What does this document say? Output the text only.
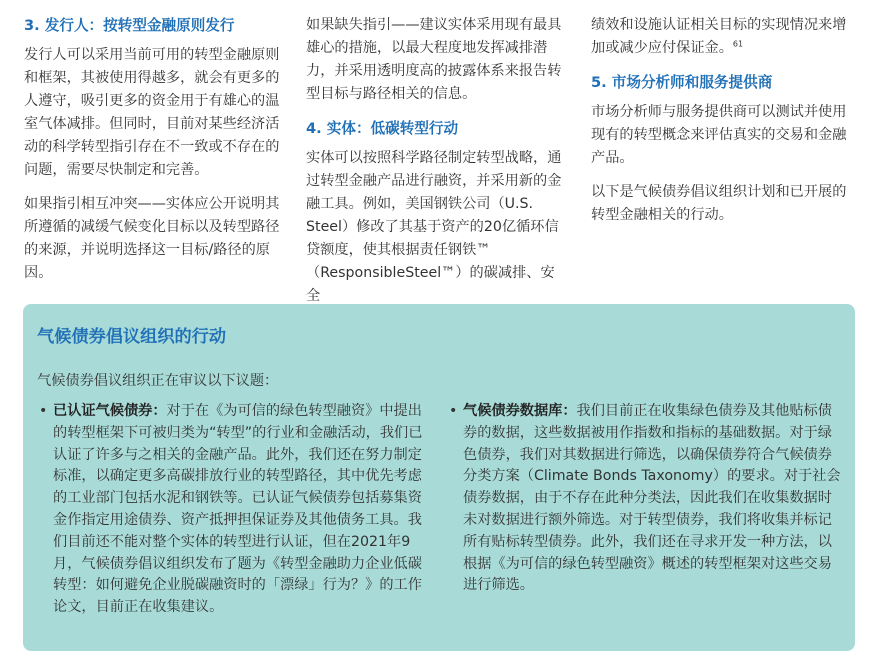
3. 发行人：按转型金融原则发行

发行人可以采用当前可用的转型金融原则和框架，其被使用得越多，就会有更多的人遵守，吸引更多的资金用于有雄心的温室气体减排。但同时，目前对某些经济活动的科学转型指引存在不一致或不存在的问题，需要尽快制定和完善。

如果指引相互冲突——实体应公开说明其所遵循的减缓气候变化目标以及转型路径的来源，并说明选择这一目标/路径的原因。

如果缺失指引——建议实体采用现有最具雄心的措施，以最大程度地发挥减排潜力，并采用透明度高的披露体系来报告转型目标与路径相关的信息。

4. 实体：低碳转型行动

实体可以按照科学路径制定转型战略，通过转型金融产品进行融资，并采用新的金融工具。例如，美国钢铁公司（U.S. Steel）修改了其基于资产的20亿循环信贷额度，使其根据责任钢铁™（ResponsibleSteel™）的碳减排、安全

绩效和设施认证相关目标的实现情况来增加或减少应付保证金。$^{61}$

5. 市场分析师和服务提供商

市场分析师与服务提供商可以测试并使用现有的转型概念来评估真实的交易和金融产品。

以下是气候债券倡议组织计划和已开展的转型金融相关的行动。

气候债券倡议组织的行动
气候债券倡议组织正在审议以下议题：
• 已认证气候债券：对于在《为可信的绿色转型融资》中提出的转型框架下可被归类为“转型”的行业和金融活动，我们已认证了许多与之相关的金融产品。此外，我们还在努力制定标准，以确定更多高碳排放行业的转型路径，其中优先考虑的工业部门包括水泥和钢铁等。已认证气候债券包括募集资金作指定用途债券、资产抵押担保证券及其他债务工具。我们目前还不能对整个实体的转型进行认证，但在2021年9月，气候债券倡议组织发布了题为《转型金融助力企业低碳转型：如何避免企业脱碳融资时的「漂绿」行为？》的工作论文，目前正在收集建议。
• 气候债券数据库：我们目前正在收集绿色债券及其他贴标债券的数据，这些数据被用作指数和指标的基础数据。对于绿色债券，我们对其数据进行筛选，以确保债券符合气候债券分类方案（Climate Bonds Taxonomy）的要求。对于社会债券数据，由于不存在此种分类法，因此我们在收集数据时未对数据进行额外筛选。对于转型债券，我们将收集并标记所有贴标转型债券。此外，我们还在寻求开发一种方法，以根据《为可信的绿色转型融资》概述的转型框架对这些交易进行筛选。
